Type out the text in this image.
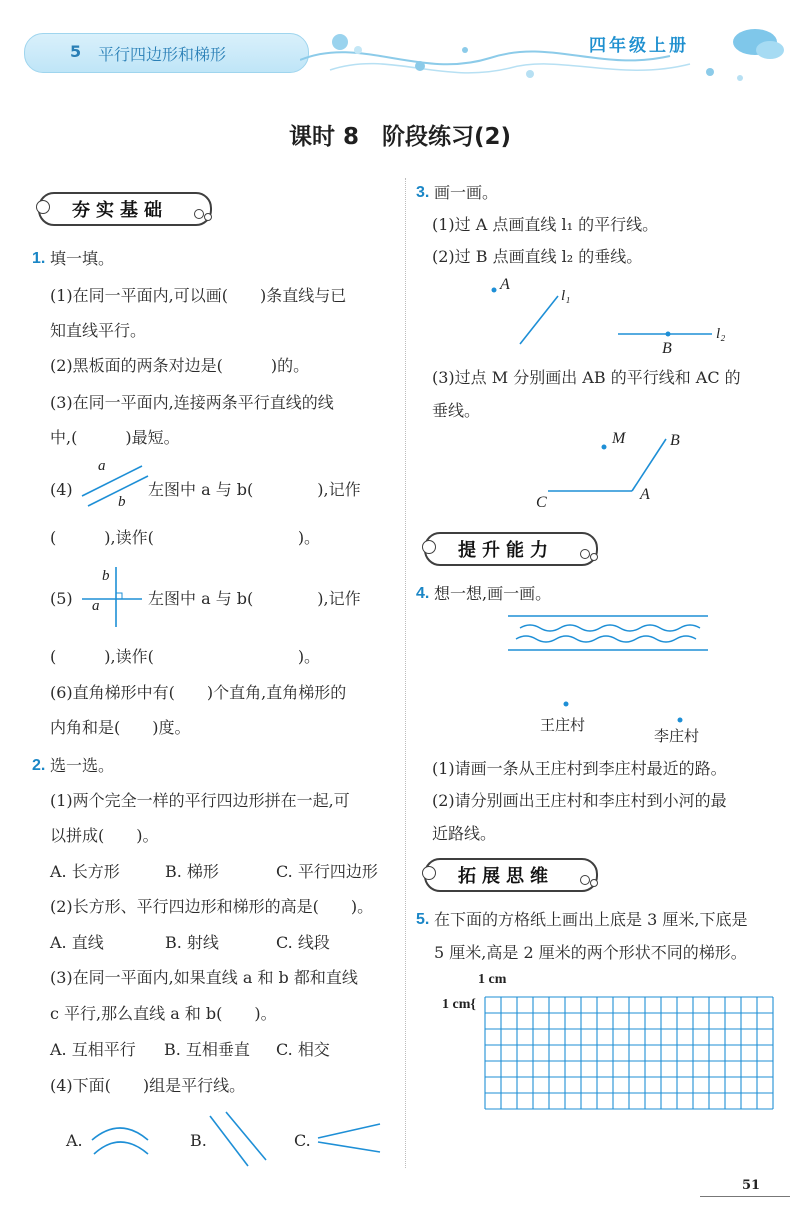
5 平行四边形和梯形	四年级上册
课时 8　阶段练习(2)
夯实基础
1. 填一填。
(1)在同一平面内,可以画(　　)条直线与已
知直线平行。
(2)黑板面的两条对边是(　　　)的。
(3)在同一平面内,连接两条平行直线的线
中,(　　　)最短。
(4)
a
b
左图中 a 与 b(　　　　),记作
(　　　),读作(　　　　　　　　　)。
(5)
b
a	左图中 a 与 b(　　　　),记作
(　　　),读作(　　　　　　　　　)。
(6)直角梯形中有(　　)个直角,直角梯形的
内角和是(　　)度。
2. 选一选。
(1)两个完全一样的平行四边形拼在一起,可
以拼成(　　)。
A. 长方形	B. 梯形	C. 平行四边形
(2)长方形、平行四边形和梯形的高是(　　)。
A. 直线	B. 射线	C. 线段
(3)在同一平面内,如果直线 a 和 b 都和直线
c 平行,那么直线 a 和 b(　　)。
A. 互相平行 B. 互相垂直 C. 相交
(4)下面(　　)组是平行线。
A.	B.	C.
3. 画一画。
(1)过 A 点画直线 l₁ 的平行线。
(2)过 B 点画直线 l₂ 的垂线。
A
l₁
B
l₂
(3)过点 M 分别画出 AB 的平行线和 AC 的
垂线。
M	B
C	A
提升能力
4. 想一想,画一画。
王庄村
李庄村
(1)请画一条从王庄村到李庄村最近的路。
(2)请分别画出王庄村和李庄村到小河的最
近路线。
拓展思维
5. 在下面的方格纸上画出上底是 3 厘米,下底是
5 厘米,高是 2 厘米的两个形状不同的梯形。
1 cm
1 cm{
51
